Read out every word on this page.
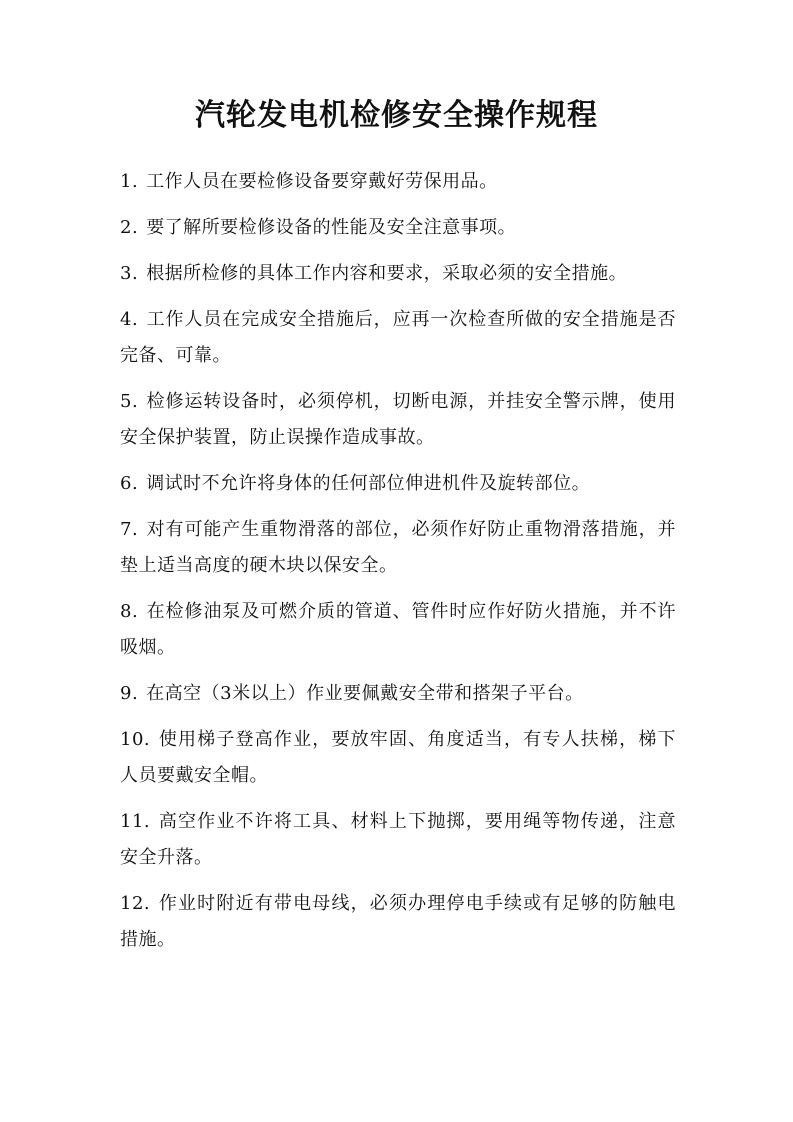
汽轮发电机检修安全操作规程
1. 工作人员在要检修设备要穿戴好劳保用品。
2. 要了解所要检修设备的性能及安全注意事项。
3. 根据所检修的具体工作内容和要求，采取必须的安全措施。
4. 工作人员在完成安全措施后，应再一次检查所做的安全措施是否完备、可靠。
5. 检修运转设备时，必须停机，切断电源，并挂安全警示牌，使用安全保护装置，防止误操作造成事故。
6. 调试时不允许将身体的任何部位伸进机件及旋转部位。
7. 对有可能产生重物滑落的部位，必须作好防止重物滑落措施，并垫上适当高度的硬木块以保安全。
8. 在检修油泵及可燃介质的管道、管件时应作好防火措施，并不许吸烟。
9. 在高空（3米以上）作业要佩戴安全带和搭架子平台。
10. 使用梯子登高作业，要放牢固、角度适当，有专人扶梯，梯下人员要戴安全帽。
11. 高空作业不许将工具、材料上下抛掷，要用绳等物传递，注意安全升落。
12. 作业时附近有带电母线，必须办理停电手续或有足够的防触电措施。
